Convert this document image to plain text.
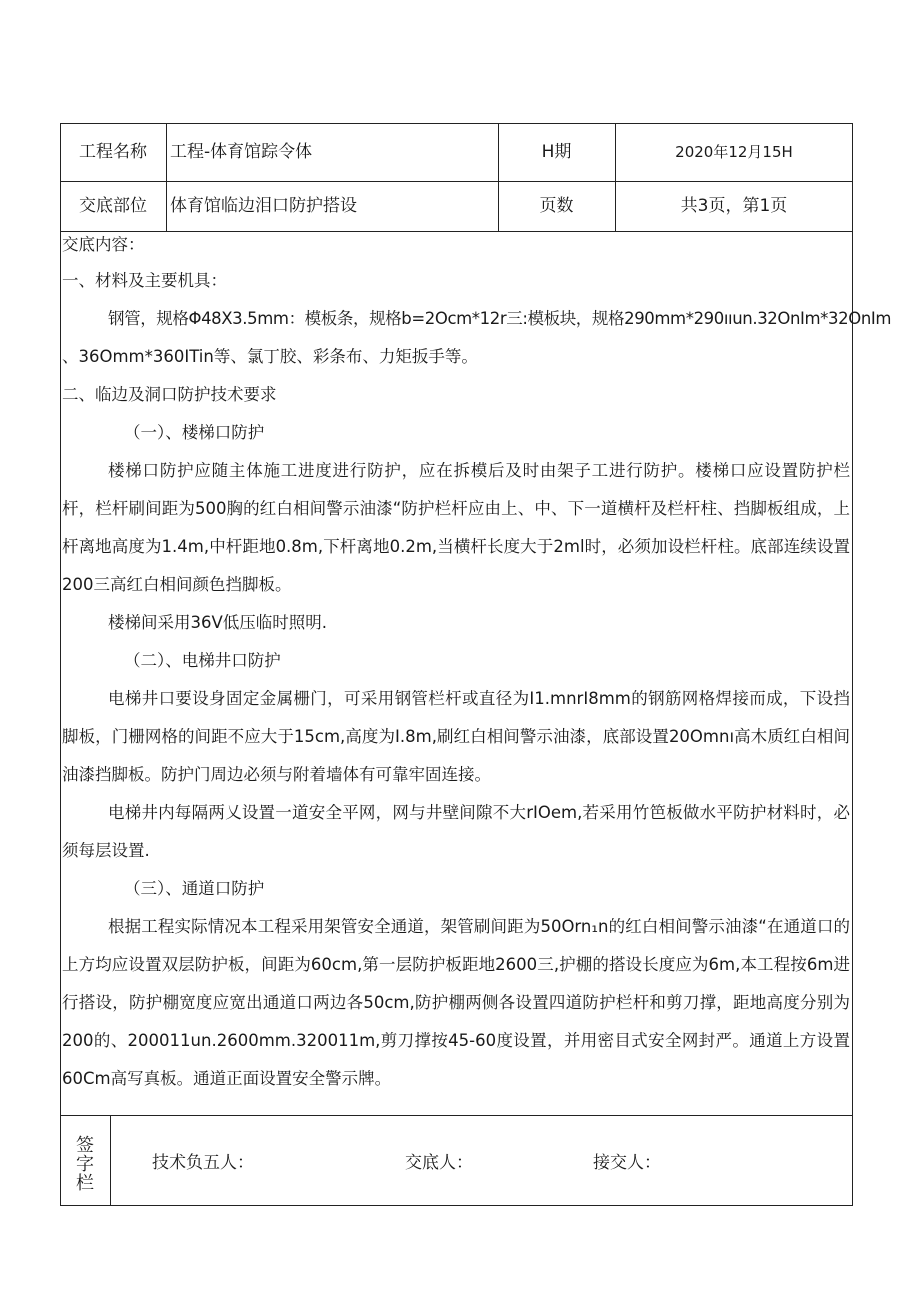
工程名称	工程-体育馆踪令体	H期	2020年12月15H
交底部位	体育馆临边泪口防护搭设	页数	共3页，第1页

交底内容：

一、材料及主要机具：

钢管，规格Φ48X3.5mm：模板条，规格b=2Ocm*12r三:模板块，规格290mm*290ııun.32OnIm*32OnIm

、36Omm*360ITin等、氯丁胶、彩条布、力矩扳手等。

二、临边及洞口防护技术要求

（一）、楼梯口防护

楼梯口防护应随主体施工进度进行防护，应在拆模后及时由架子工进行防护。楼梯口应设置防护栏杆，栏杆刷间距为500胸的红白相间警示油漆“防护栏杆应由上、中、下一道横杆及栏杆柱、挡脚板组成，上杆离地高度为1.4m,中杆距地0.8m,下杆离地0.2m,当横杆长度大于2ml时，必须加设栏杆柱。底部连续设置200三高红白相间颜色挡脚板。

楼梯间采用36V低压临时照明.

（二）、电梯井口防护

电梯井口要设身固定金属栅门，可采用钢管栏杆或直径为I1.mnrI8mm的钢筋网格焊接而成，下设挡脚板，门栅网格的间距不应大于15cm,高度为I.8m,刷红白相间警示油漆，底部设置20Omnı高木质红白相间油漆挡脚板。防护门周边必须与附着墙体有可靠牢固连接。

电梯井内每隔两乂设置一道安全平网，网与井壁间隙不大rIOem,若采用竹笆板做水平防护材料时，必须每层设置.

（三）、通道口防护

根据工程实际情况本工程采用架管安全通道，架管刷间距为50Orn₁n的红白相间警示油漆“在通道口的上方均应设置双层防护板，间距为60cm,第一层防护板距地2600三,护棚的搭设长度应为6m,本工程按6m进行搭设，防护棚宽度应宽出通道口两边各50cm,防护棚两侧各设置四道防护栏杆和剪刀撑，距地高度分别为200的、200011un.2600mm.320011m,剪刀撑按45-60度设置，并用密目式安全网封严。通道上方设置60Cm高写真板。通道正面设置安全警示牌。

签字栏
技术负五人：	交底人：	接交人：
